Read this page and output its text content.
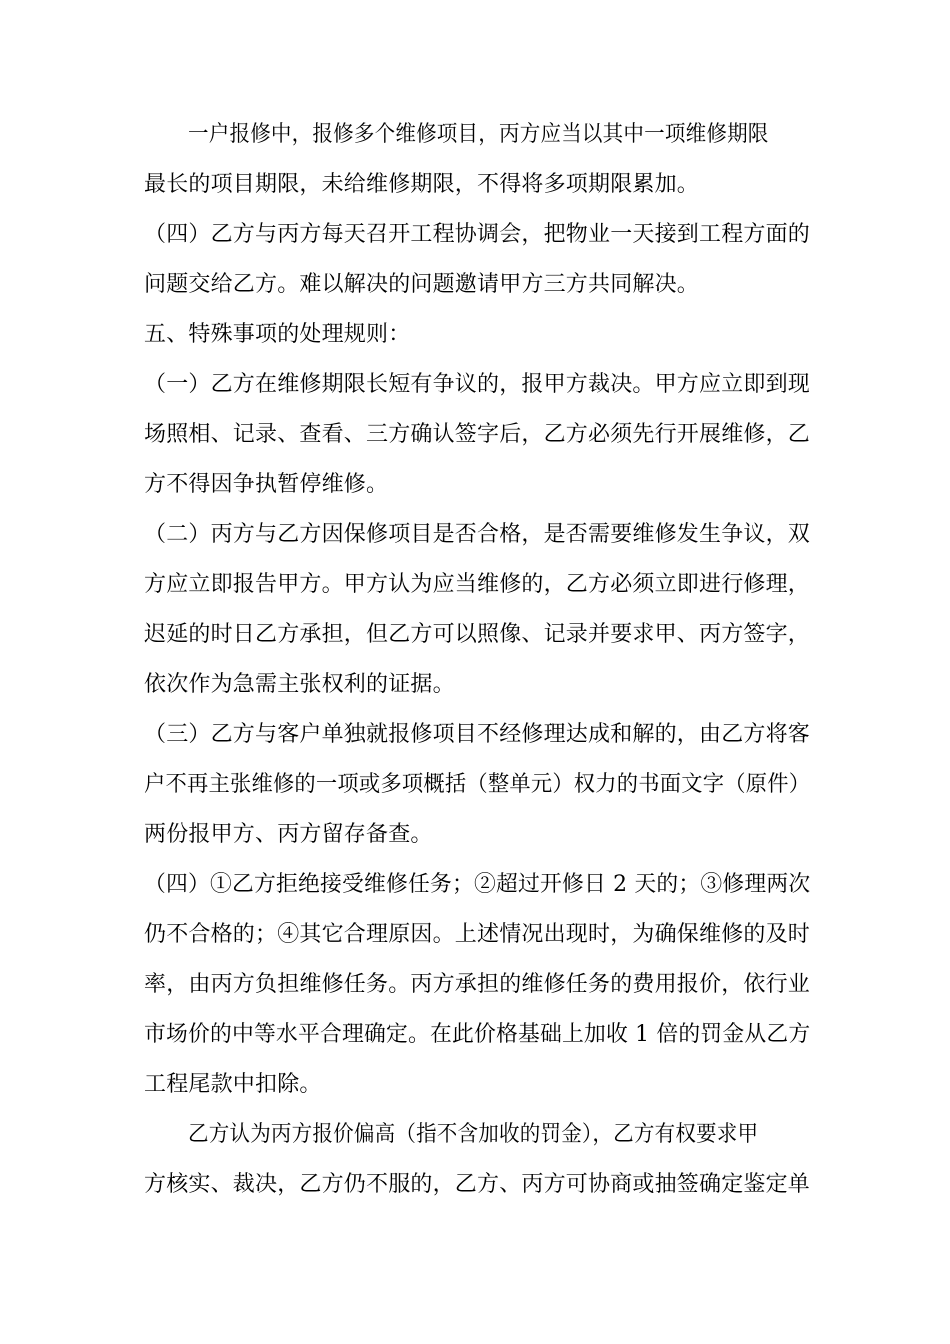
一户报修中，报修多个维修项目，丙方应当以其中一项维修期限
最长的项目期限，未给维修期限，不得将多项期限累加。
（四）乙方与丙方每天召开工程协调会，把物业一天接到工程方面的
问题交给乙方。难以解决的问题邀请甲方三方共同解决。
五、特殊事项的处理规则：
（一）乙方在维修期限长短有争议的，报甲方裁决。甲方应立即到现
场照相、记录、查看、三方确认签字后，乙方必须先行开展维修，乙
方不得因争执暂停维修。
（二）丙方与乙方因保修项目是否合格，是否需要维修发生争议，双
方应立即报告甲方。甲方认为应当维修的，乙方必须立即进行修理，
迟延的时日乙方承担，但乙方可以照像、记录并要求甲、丙方签字，
依次作为急需主张权利的证据。
（三）乙方与客户单独就报修项目不经修理达成和解的，由乙方将客
户不再主张维修的一项或多项概括（整单元）权力的书面文字（原件）
两份报甲方、丙方留存备查。
（四）①乙方拒绝接受维修任务；②超过开修日 2 天的；③修理两次
仍不合格的；④其它合理原因。上述情况出现时，为确保维修的及时
率，由丙方负担维修任务。丙方承担的维修任务的费用报价，依行业
市场价的中等水平合理确定。在此价格基础上加收 1 倍的罚金从乙方
工程尾款中扣除。
乙方认为丙方报价偏高（指不含加收的罚金），乙方有权要求甲
方核实、裁决，乙方仍不服的，乙方、丙方可协商或抽签确定鉴定单
